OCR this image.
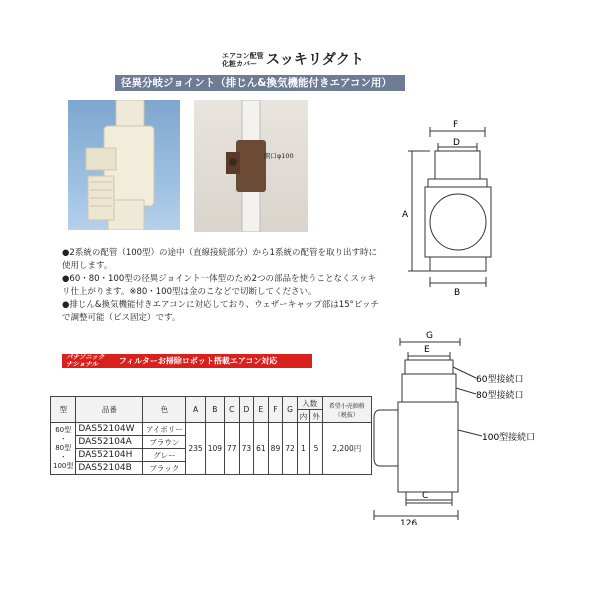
エアコン配管
化粧カバー スッキリダクト
径異分岐ジョイント（排じん&換気機能付きエアコン用）
開口φ100

●2系統の配管（100型）の途中（直線接続部分）から1系統の配管を取り出す時に使用します。

●60・80・100型の径異ジョイント一体型のため2つの部品を使うことなくスッキリ仕上がります。※80・100型は金のこなどで切断してください。

●排じん&換気機能付きエアコンに対応しており、ウェザーキャップ部は15°ピッチで調整可能（ビス固定）です。

パナソニック ナショナル	フィルターお掃除ロボット搭載エアコン対応
F
D
A
B
G
E
C
126
60型接続口
80型接続口
100型接続口
型	品番	色	A	B	C	D	E	F	G	入数		希望小売価格
（税抜）

										内	外	

60型
・
80型
・
100型	DAS52104W	アイボリー	235	109	77	73	61	89	72	1	5	2,200円
	DAS52104A	ブラウン										
	DAS52104H	グレー										
	DAS52104B	ブラック										
